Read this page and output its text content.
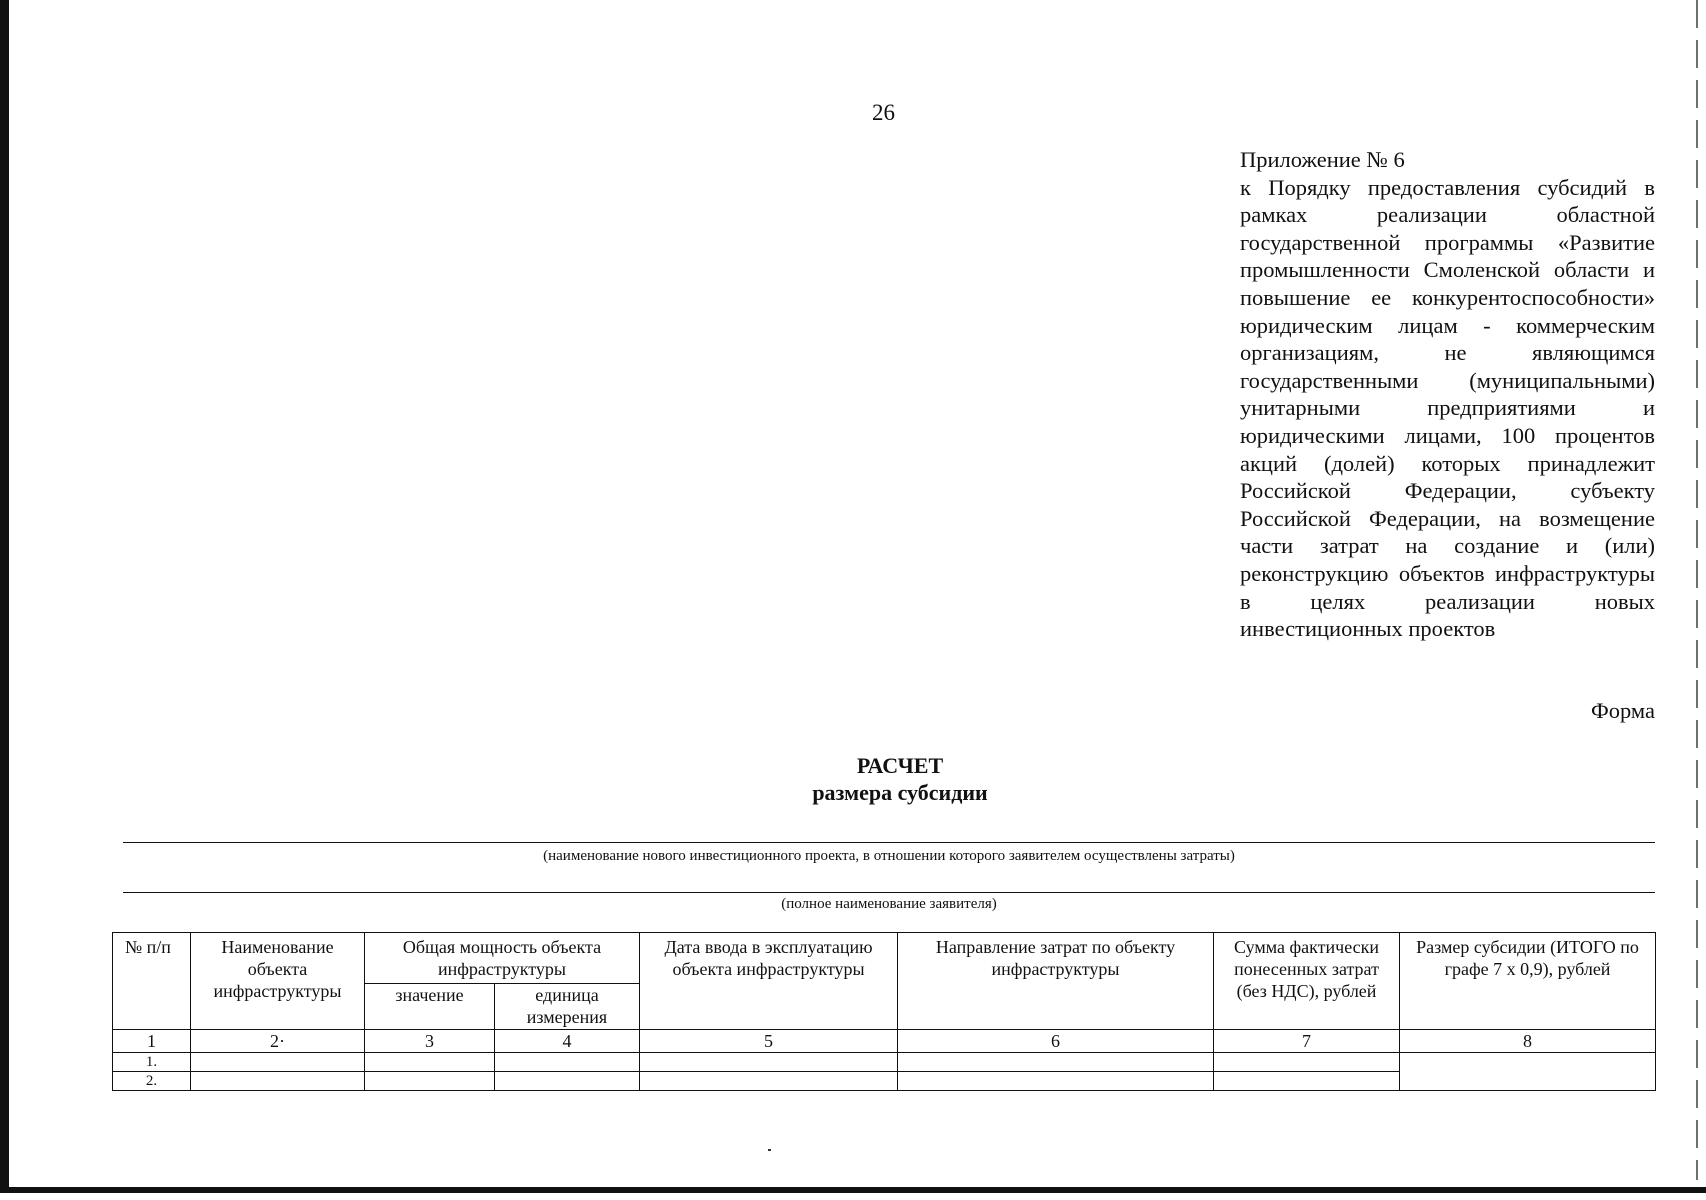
26
Приложение № 6
к Порядку предоставления субсидий в рамках реализации областной государственной программы «Развитие промышленности Смоленской области и повышение ее конкурентоспособности» юридическим лицам - коммерческим организациям, не являющимся государственными (муниципальными) унитарными предприятиями и юридическими лицами, 100 процентов акций (долей) которых принадлежит Российской Федерации, субъекту Российской Федерации, на возмещение части затрат на создание и (или) реконструкцию объектов инфраструктуры в целях реализации новых инвестиционных проектов
Форма
РАСЧЕТ
размера субсидии
(наименование нового инвестиционного проекта, в отношении которого заявителем осуществлены затраты)
(полное наименование заявителя)
№ п/п	Наименование объекта инфраструктуры	Общая мощность объекта инфраструктуры		Дата ввода в эксплуатацию объекта инфраструктуры	Направление затрат по объекту инфраструктуры	Сумма фактически понесенных затрат (без НДС), рублей	Размер субсидии (ИТОГО по графе 7 х 0,9), рублей
		значение	единица измерения				
1	2·	3	4	5	6	7	8
1.							
2.							
